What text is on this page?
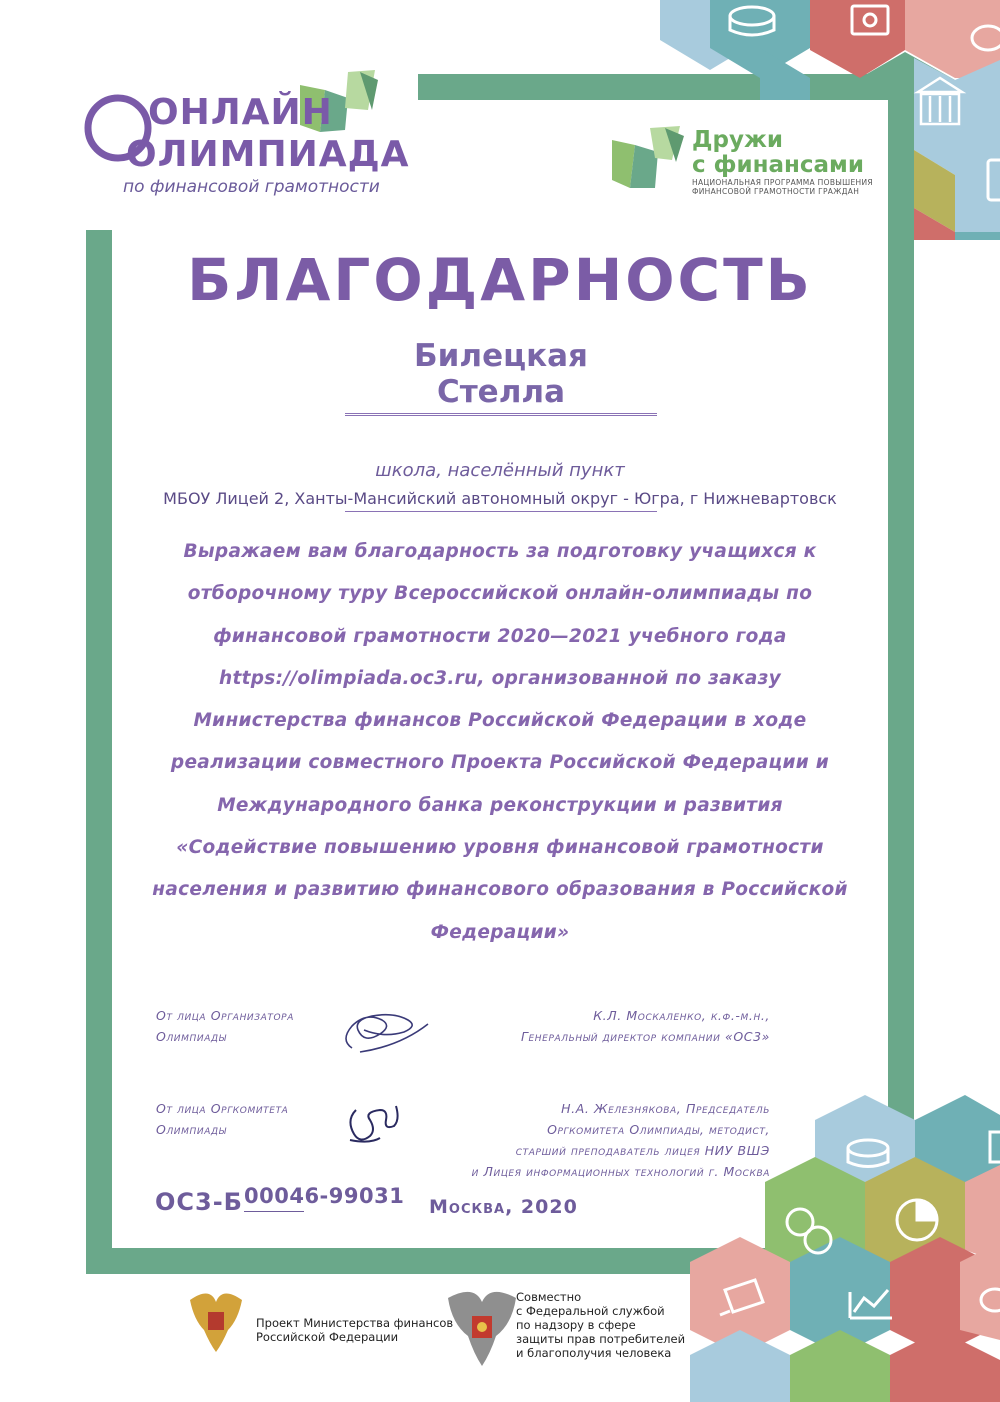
ОНЛАЙН
ОЛИМПИАДА
по финансовой грамотности
Дружи
с финансами
НАЦИОНАЛЬНАЯ ПРОГРАММА ПОВЫШЕНИЯ
ФИНАНСОВОЙ ГРАМОТНОСТИ ГРАЖДАН
БЛАГОДАРНОСТЬ
Билецкая Стелла
школа, населённый пункт
МБОУ Лицей 2, Ханты-Мансийский автономный округ - Югра, г Нижневартовск
Выражаем вам благодарность за подготовку учащихся к
отборочному туру Всероссийской онлайн-олимпиады по
финансовой грамотности 2020—2021 учебного года
https://olimpiada.oc3.ru, организованной по заказу
Министерства финансов Российской Федерации в ходе
реализации совместного Проекта Российской Федерации и
Международного банка реконструкции и развития
«Содействие повышению уровня финансовой грамотности
населения и развитию финансового образования в Российской
Федерации»
От лица Организатора
Олимпиады
К.Л. Москаленко, к.ф.-м.н.,
Генеральный директор компании «ОС3»
От лица Оргкомитета
Олимпиады
Н.А. Железнякова, Председатель
Оргкомитета Олимпиады, методист,
старший преподаватель лицея НИУ ВШЭ
и Лицея информационных технологий г. Москва
ОС3-Б 00046-99031 Москва, 2020
Проект Министерства финансов
Российской Федерации
Совместно
с Федеральной службой
по надзору в сфере
защиты прав потребителей
и благополучия человека
